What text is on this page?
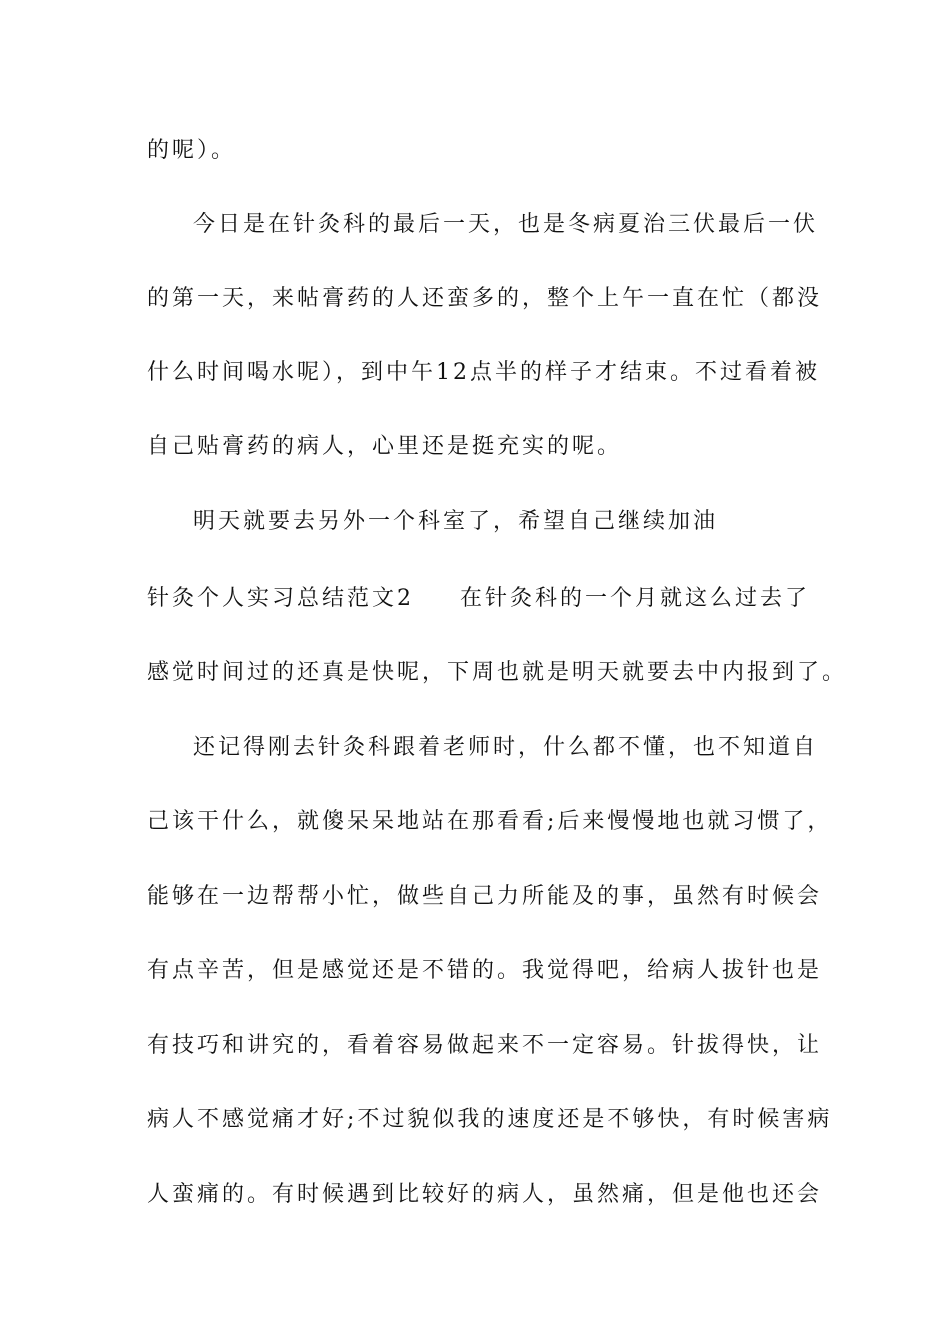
的呢）。
今日是在针灸科的最后一天，也是冬病夏治三伏最后一伏
的第一天，来帖膏药的人还蛮多的，整个上午一直在忙（都没
什么时间喝水呢），到中午12点半的样子才结束。不过看着被
自己贴膏药的病人，心里还是挺充实的呢。
明天就要去另外一个科室了，希望自己继续加油
针灸个人实习总结范文2 在针灸科的一个月就这么过去了
感觉时间过的还真是快呢，下周也就是明天就要去中内报到了。
还记得刚去针灸科跟着老师时，什么都不懂，也不知道自
己该干什么，就傻呆呆地站在那看看;后来慢慢地也就习惯了，
能够在一边帮帮小忙，做些自己力所能及的事，虽然有时候会
有点辛苦，但是感觉还是不错的。我觉得吧，给病人拔针也是
有技巧和讲究的，看着容易做起来不一定容易。针拔得快，让
病人不感觉痛才好;不过貌似我的速度还是不够快，有时候害病
人蛮痛的。有时候遇到比较好的病人，虽然痛，但是他也还会
